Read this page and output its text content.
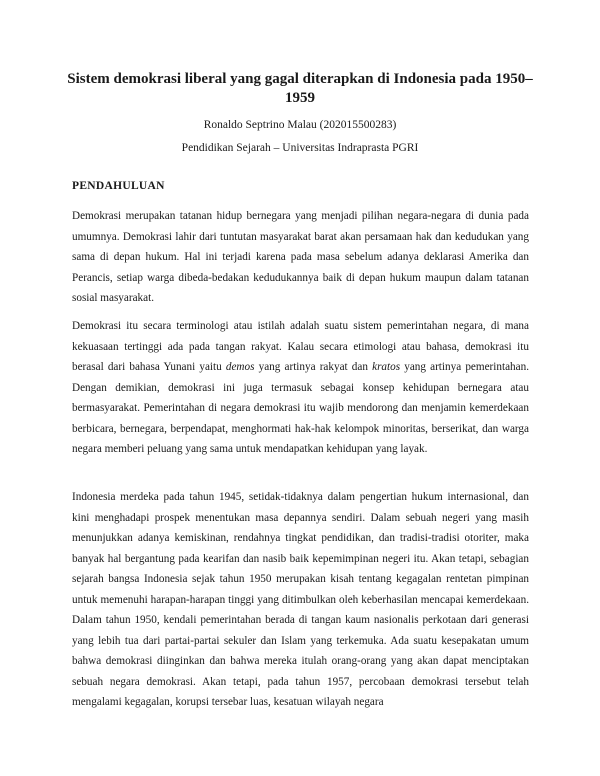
Sistem demokrasi liberal yang gagal diterapkan di Indonesia pada 1950–1959

Ronaldo Septrino Malau (202015500283)

Pendidikan Sejarah – Universitas Indraprasta PGRI

PENDAHULUAN

Demokrasi merupakan tatanan hidup bernegara yang menjadi pilihan negara-negara di dunia pada umumnya. Demokrasi lahir dari tuntutan masyarakat barat akan persamaan hak dan kedudukan yang sama di depan hukum. Hal ini terjadi karena pada masa sebelum adanya deklarasi Amerika dan Perancis, setiap warga dibeda-bedakan kedudukannya baik di depan hukum maupun dalam tatanan sosial masyarakat.

Demokrasi itu secara terminologi atau istilah adalah suatu sistem pemerintahan negara, di mana kekuasaan tertinggi ada pada tangan rakyat. Kalau secara etimologi atau bahasa, demokrasi itu berasal dari bahasa Yunani yaitu demos yang artinya rakyat dan kratos yang artinya pemerintahan. Dengan demikian, demokrasi ini juga termasuk sebagai konsep kehidupan bernegara atau bermasyarakat. Pemerintahan di negara demokrasi itu wajib mendorong dan menjamin kemerdekaan berbicara, bernegara, berpendapat, menghormati hak-hak kelompok minoritas, berserikat, dan warga negara memberi peluang yang sama untuk mendapatkan kehidupan yang layak.

Indonesia merdeka pada tahun 1945, setidak-tidaknya dalam pengertian hukum internasional, dan kini menghadapi prospek menentukan masa depannya sendiri. Dalam sebuah negeri yang masih menunjukkan adanya kemiskinan, rendahnya tingkat pendidikan, dan tradisi-tradisi otoriter, maka banyak hal bergantung pada kearifan dan nasib baik kepemimpinan negeri itu. Akan tetapi, sebagian sejarah bangsa Indonesia sejak tahun 1950 merupakan kisah tentang kegagalan rentetan pimpinan untuk memenuhi harapan-harapan tinggi yang ditimbulkan oleh keberhasilan mencapai kemerdekaan. Dalam tahun 1950, kendali pemerintahan berada di tangan kaum nasionalis perkotaan dari generasi yang lebih tua dari partai-partai sekuler dan Islam yang terkemuka. Ada suatu kesepakatan umum bahwa demokrasi diinginkan dan bahwa mereka itulah orang-orang yang akan dapat menciptakan sebuah negara demokrasi. Akan tetapi, pada tahun 1957, percobaan demokrasi tersebut telah mengalami kegagalan, korupsi tersebar luas, kesatuan wilayah negara
